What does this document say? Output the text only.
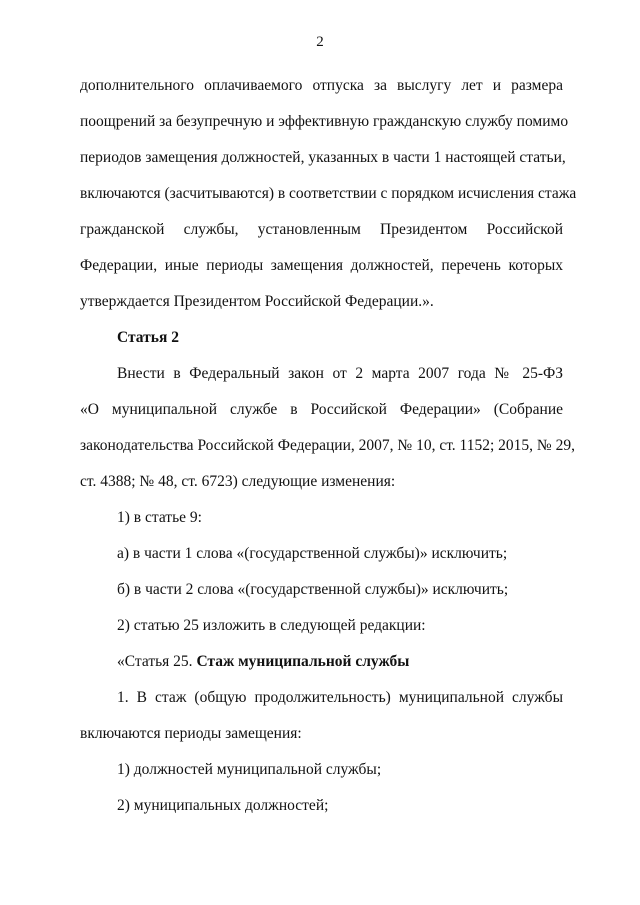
2
дополнительного оплачиваемого отпуска за выслугу лет и размера
поощрений за безупречную и эффективную гражданскую службу помимо
периодов замещения должностей, указанных в части 1 настоящей статьи,
включаются (засчитываются) в соответствии с порядком исчисления стажа
гражданской службы, установленным Президентом Российской
Федерации, иные периоды замещения должностей, перечень которых
утверждается Президентом Российской Федерации.».
Статья 2
Внести в Федеральный закон от 2 марта 2007 года № 25-ФЗ
«О муниципальной службе в Российской Федерации» (Собрание
законодательства Российской Федерации, 2007, № 10, ст. 1152; 2015, № 29,
ст. 4388; № 48, ст. 6723) следующие изменения:
1) в статье 9:
а) в части 1 слова «(государственной службы)» исключить;
б) в части 2 слова «(государственной службы)» исключить;
2) статью 25 изложить в следующей редакции:
«Статья 25. Стаж муниципальной службы
1. В стаж (общую продолжительность) муниципальной службы
включаются периоды замещения:
1) должностей муниципальной службы;
2) муниципальных должностей;
